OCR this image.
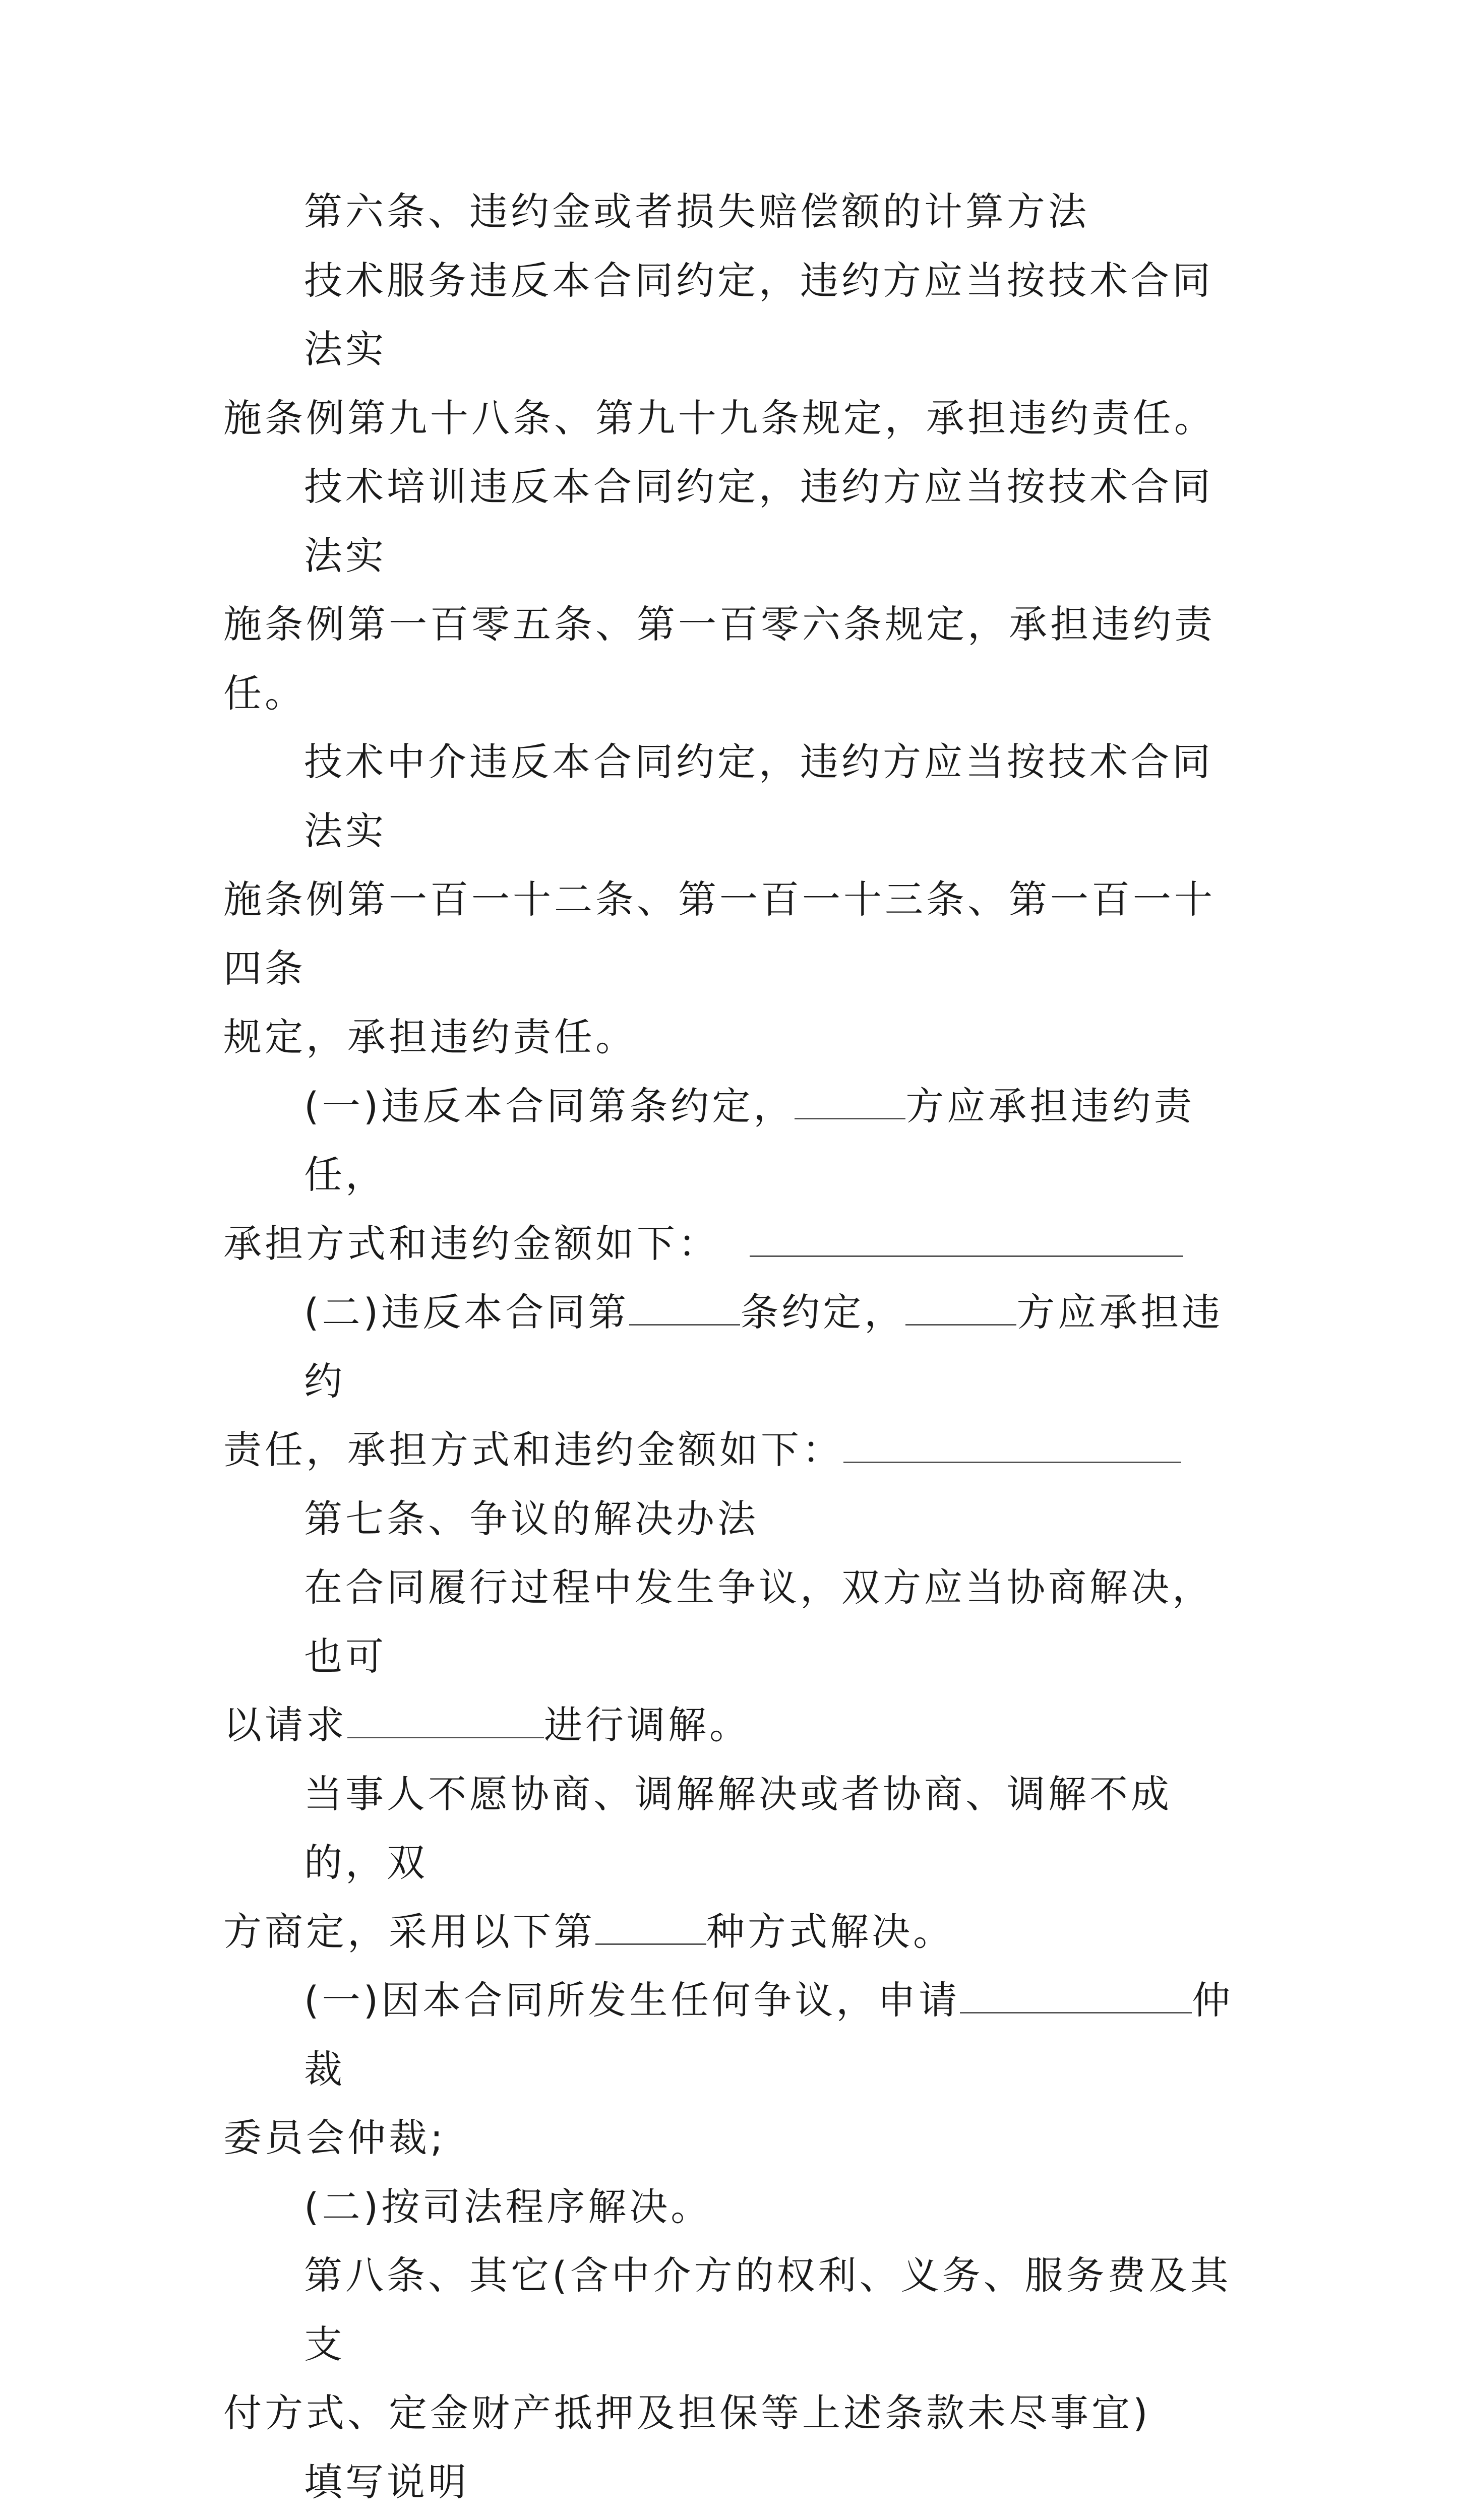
第六条、违约金或者损失赔偿额的计算方法
技术服务违反本合同约定，违约方应当按技术合同法实
施条例第九十八条、第九十九条规定，承担违约责任。
技术培训违反本合同约定，违约方应当按技术合同法实
施条例第一百零五条、第一百零六条规定，承担违约责任。
技术中介违反本合同约定，违约方应当按技术合同法实
施条例第一百一十二条、第一百一十三条、第一百一十四条
规定，承担违约责任。
(一)违反本合同第条约定，	方应承担违约责任，
承担方式和违约金额如下：
(二)违反本合同第	条约定，	方应承担违约
责任，承担方式和违约金额如下：
第七条、争议的解决办法
在合同履行过程中发生争议，双方应当协商解决，也可
以请求	进行调解。
当事人不愿协商、调解解决或者协商、调解不成的，双
方商定，采用以下第	种方式解决。
(一)因本合同所发生任何争议，申请	仲裁
委员会仲裁;
(二)按司法程序解决。
第八条、其它(含中介方的权利、义务、服务费及其支
付方式、定金财产抵押及担保等上述条款未尽事宜)
填写说明
